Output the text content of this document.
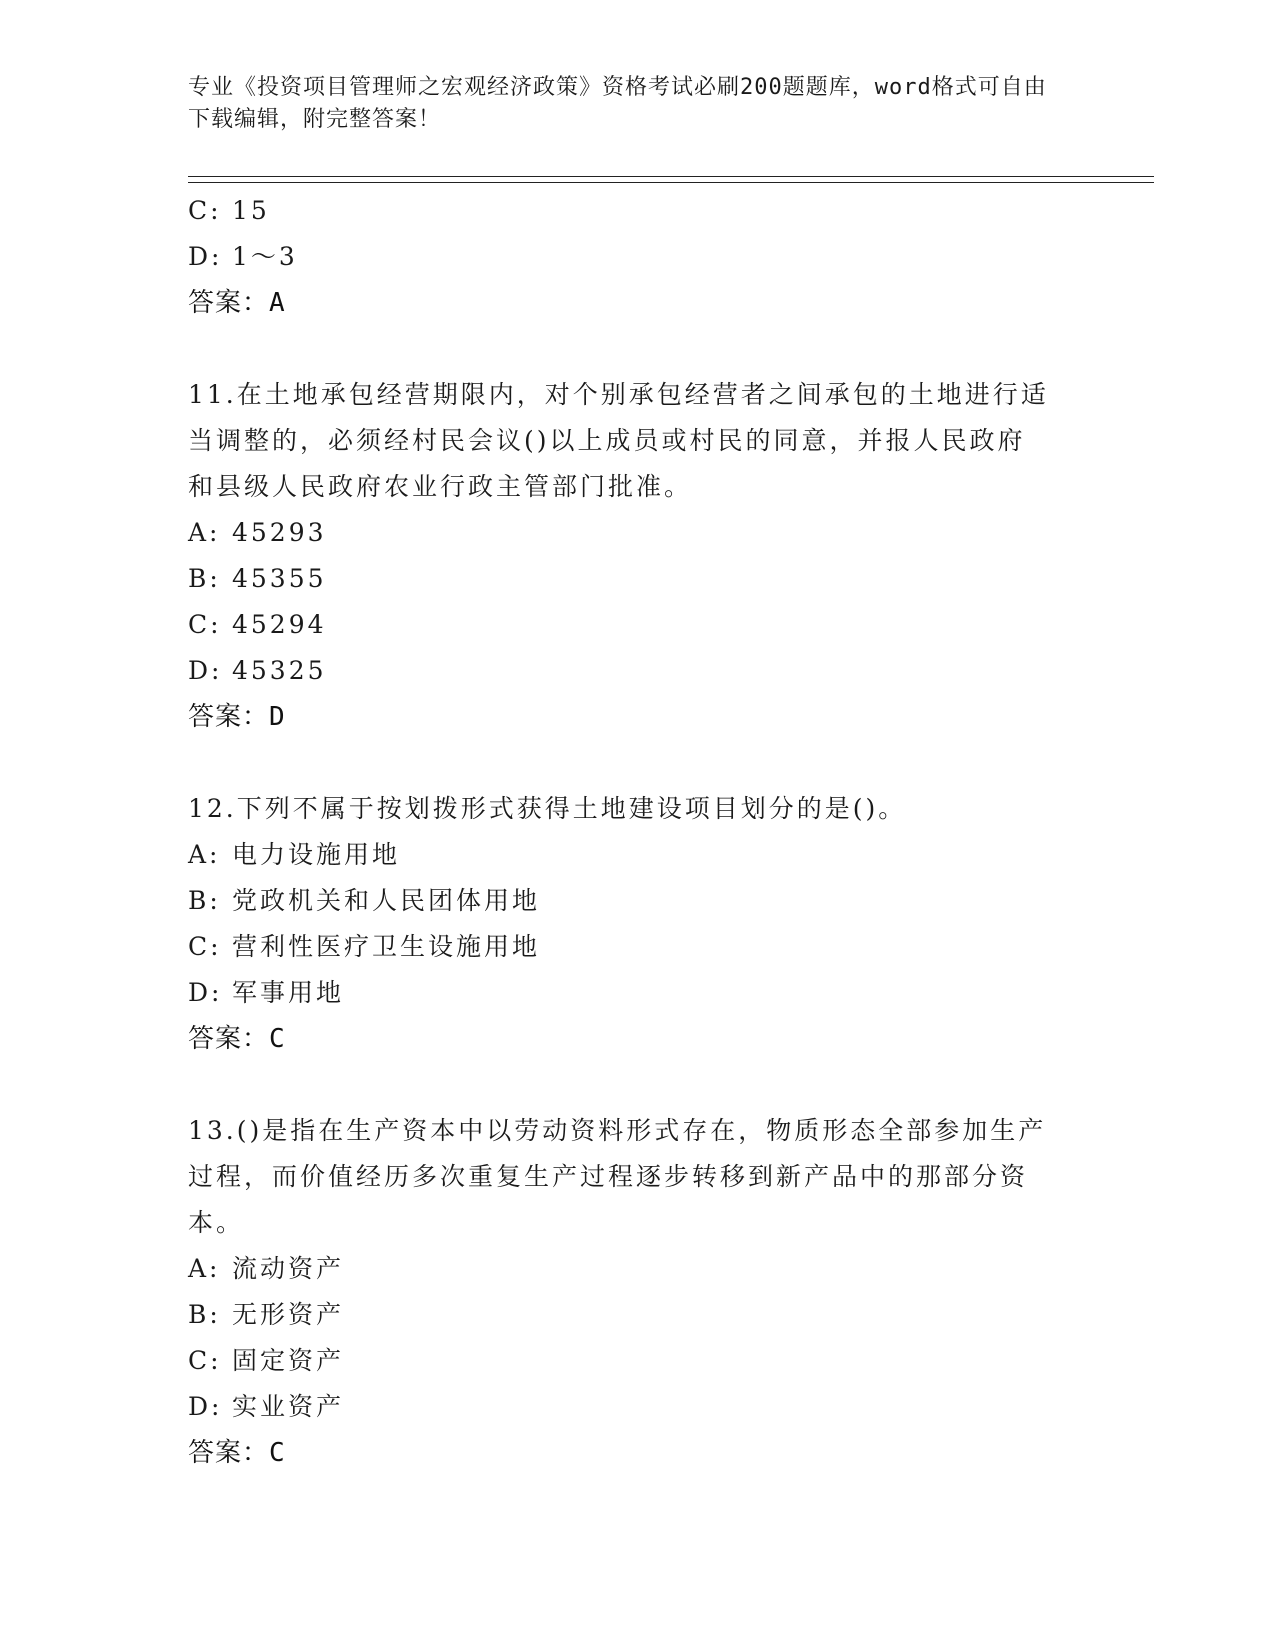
专业《投资项目管理师之宏观经济政策》资格考试必刷200题题库，word格式可自由下载编辑，附完整答案！
C: 15
D: 1～3
答案：A
11.在土地承包经营期限内，对个别承包经营者之间承包的土地进行适
当调整的，必须经村民会议()以上成员或村民的同意，并报人民政府
和县级人民政府农业行政主管部门批准。
A: 45293
B: 45355
C: 45294
D: 45325
答案：D
12.下列不属于按划拨形式获得土地建设项目划分的是()。
A: 电力设施用地
B: 党政机关和人民团体用地
C: 营利性医疗卫生设施用地
D: 军事用地
答案：C
13.()是指在生产资本中以劳动资料形式存在，物质形态全部参加生产
过程，而价值经历多次重复生产过程逐步转移到新产品中的那部分资
本。
A: 流动资产
B: 无形资产
C: 固定资产
D: 实业资产
答案：C
